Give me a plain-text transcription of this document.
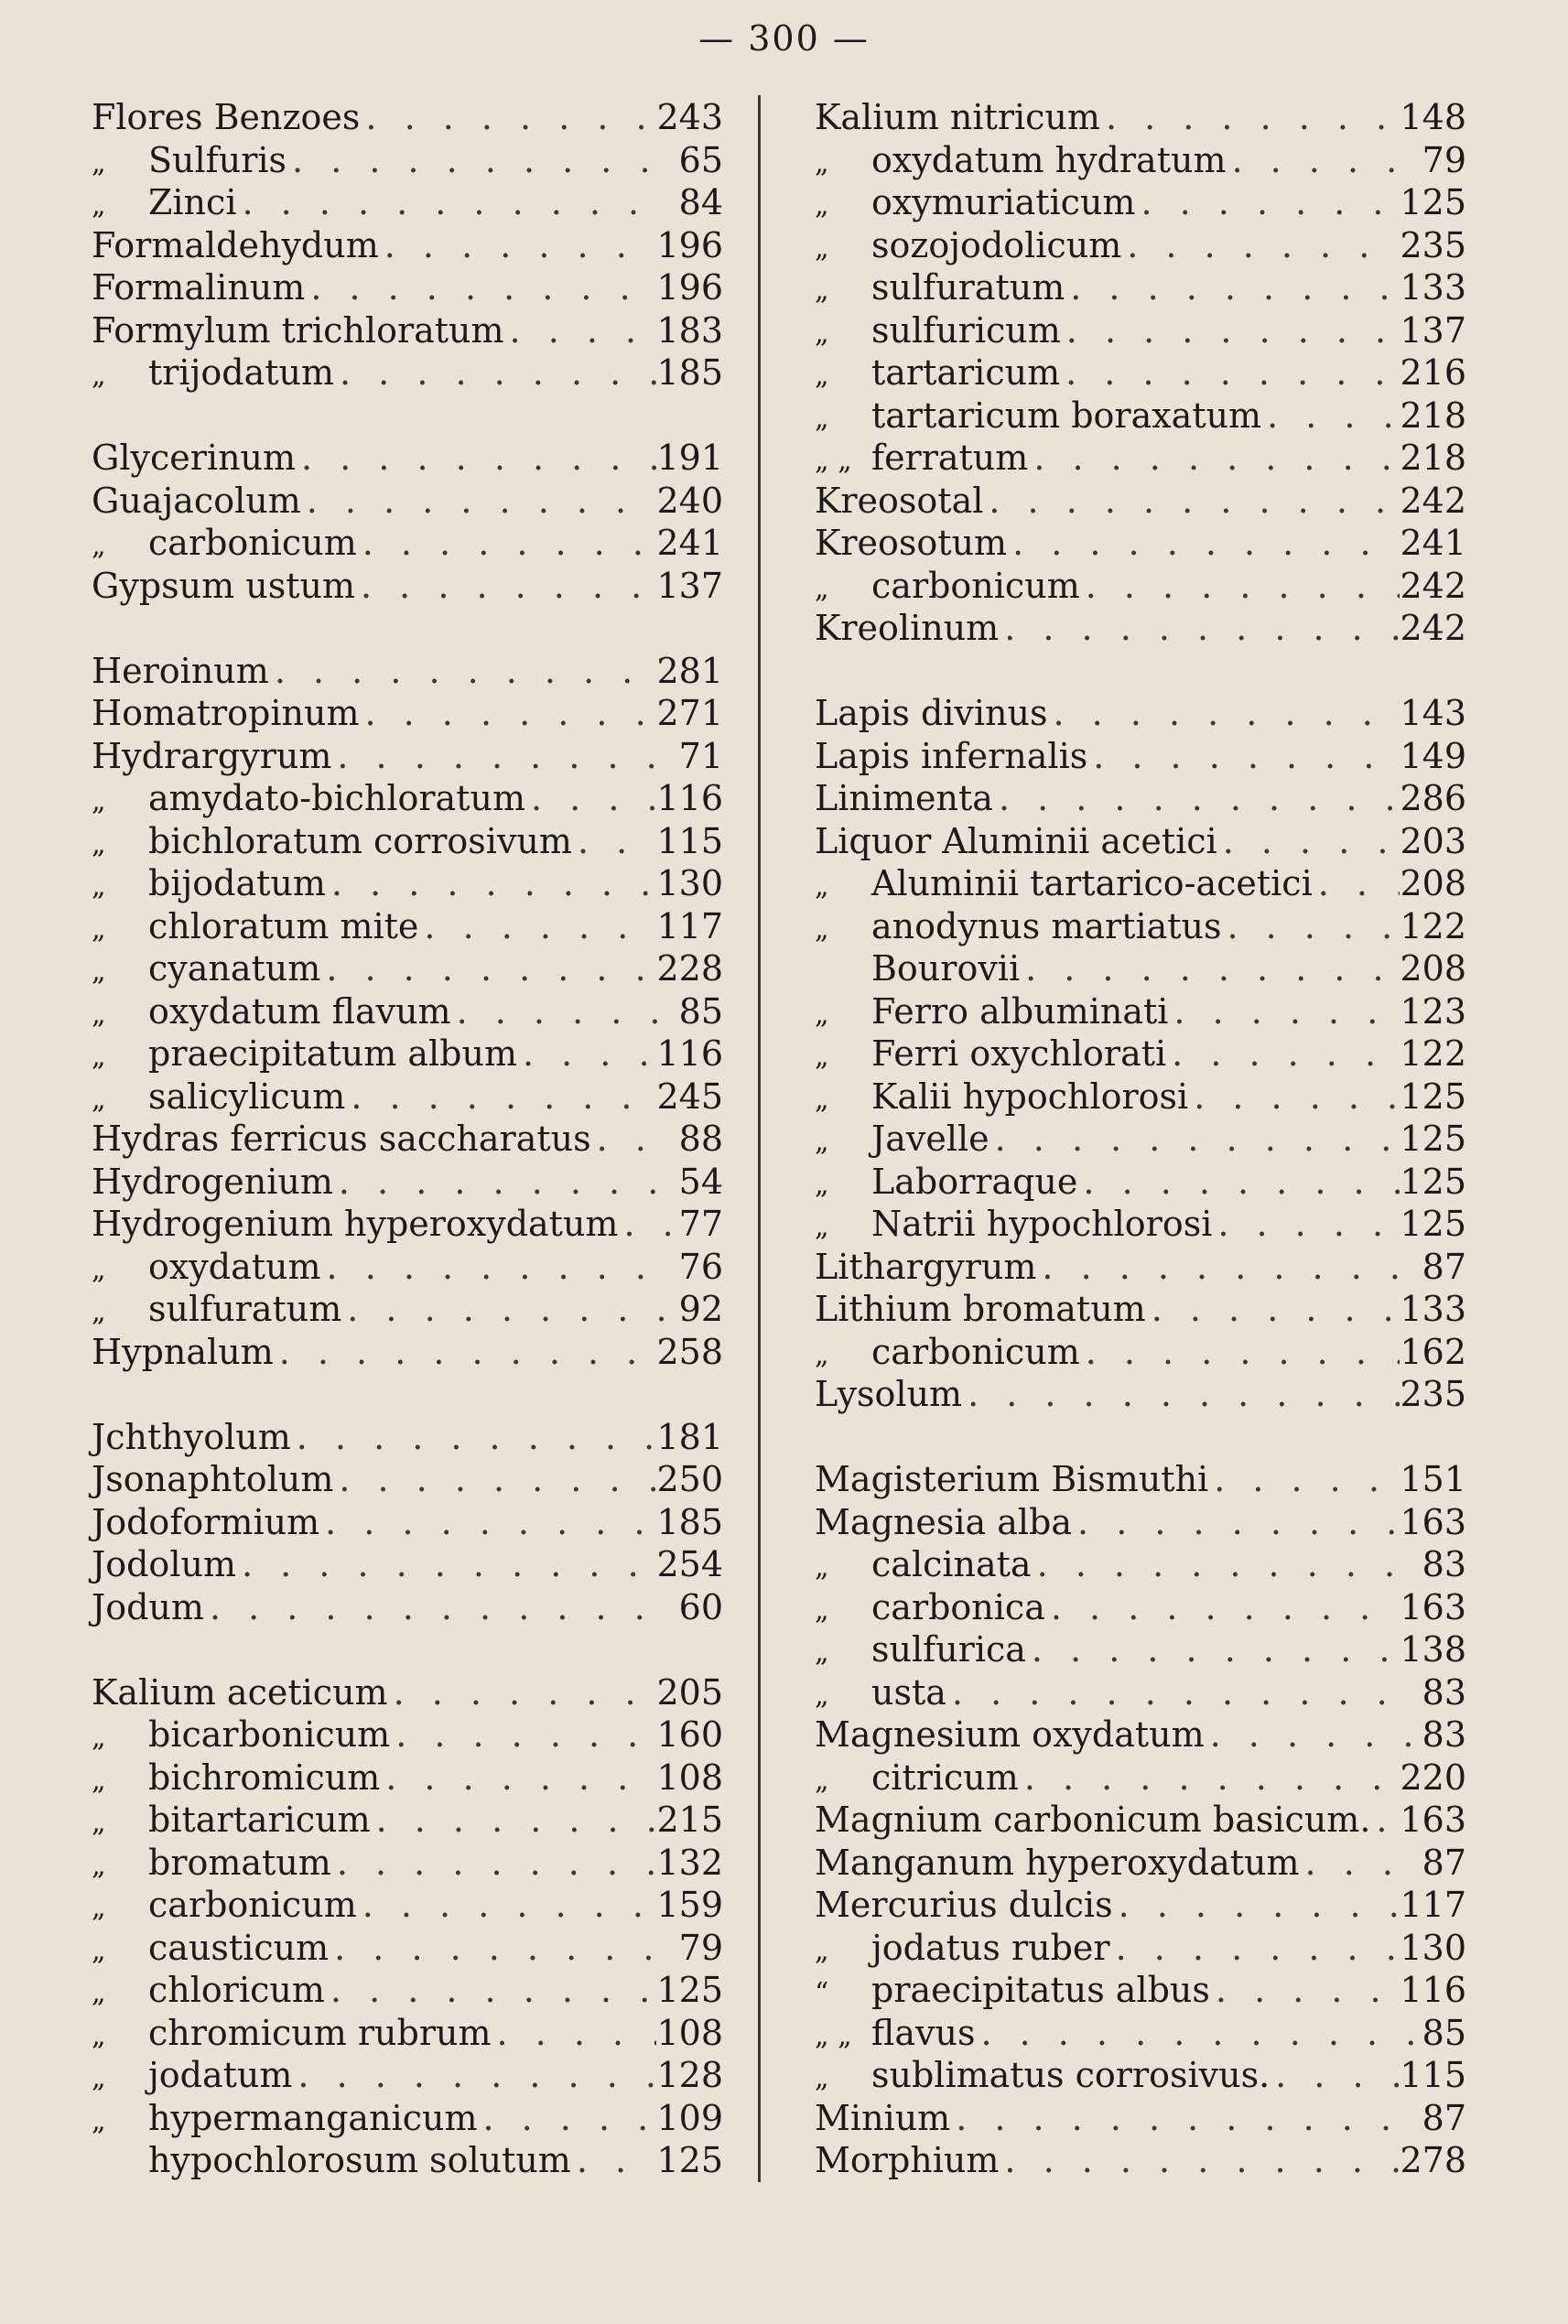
— 300 —
Flores Benzoes . . .	243
„	Sulfuris . . .	65
„	Zinci . . .	84
Formaldehydum . . .	196
Formalinum . . .	196
Formylum trichloratum . . .	183
„	trijodatum . . .	185
Glycerinum . . .	191
Guajacolum . . .	240
„	carbonicum . . .	241
Gypsum ustum . . .	137
Heroinum . . .	281
Homatropinum . . .	271
Hydrargyrum . . .	71
„	amydato-bichloratum . . .	116
„	bichloratum corrosivum . . . 115
„	bijodatum . . .	130
„	chloratum mite . . .	117
„	cyanatum . . .	228
„	oxydatum flavum . . .	85
„	praecipitatum album . . .	116
„	salicylicum . . .	245
Hydras ferricus saccharatus . . .	88
Hydrogenium . . .	54
Hydrogenium hyperoxydatum . . . 77
„	oxydatum . . .	76
„	sulfuratum . . .	92
Hypnalum . . .	258
Jchthyolum . . .	181
Jsonaphtolum . . .	250
Jodoformium . . .	185
Jodolum . . .	254
Jodum . . .	60
Kalium aceticum . . .	205
„	bicarbonicum . . .	160
„	bichromicum . . .	108
„	bitartaricum . . .	215
„	bromatum . . .	132
„	carbonicum . . .	159
„	causticum . . .	79
„	chloricum . . .	125
„	chromicum rubrum . . .	108
„	jodatum . . .	128
„	hypermanganicum . . .	109
hypochlorosum solutum . . . 125
Kalium nitricum . . .	148
„	oxydatum hydratum . . .	79
„	oxymuriaticum . . .	125
„	sozojodolicum . . .	235
„	sulfuratum . . .	133
„	sulfuricum . . .	137
„	tartaricum . . .	216
„	tartaricum boraxatum . . .	218
„ „ ferratum . . .	218
Kreosotal . . .	242
Kreosotum . . .	241
„	carbonicum . . .	242
Kreolinum . . .	242
Lapis divinus . . .	143
Lapis infernalis . . .	149
Linimenta . . .	286
Liquor Aluminii acetici . . .	203
„	Aluminii tartarico-acetici . . .	208
„	anodynus martiatus . . .	122
Bourovii . . .	208
„	Ferro albuminati . . .	123
„	Ferri oxychlorati . . .	122
„	Kalii hypochlorosi . . .	125
„	Javelle . . .	125
„	Laborraque . . .	125
„	Natrii hypochlorosi . . .	125
Lithargyrum . . .	87
Lithium bromatum . . .	133
„	carbonicum . . .	162
Lysolum . . .	235
Magisterium Bismuthi . . .	151
Magnesia alba . . .	163
„	calcinata . . .	83
„	carbonica . . .	163
„	sulfurica . . .	138
„	usta . . .	83
Magnesium oxydatum . . .	83
„	citricum . . .	220
Magnium carbonicum basicum. . . . 163
Manganum hyperoxydatum . . .	87
Mercurius dulcis . . .	117
„	jodatus ruber . . .	130
“	praecipitatus albus . . .	116
„ „ flavus . . .	85
„	sublimatus corrosivus. . . .	115
Minium . . .	87
Morphium . . .	278
